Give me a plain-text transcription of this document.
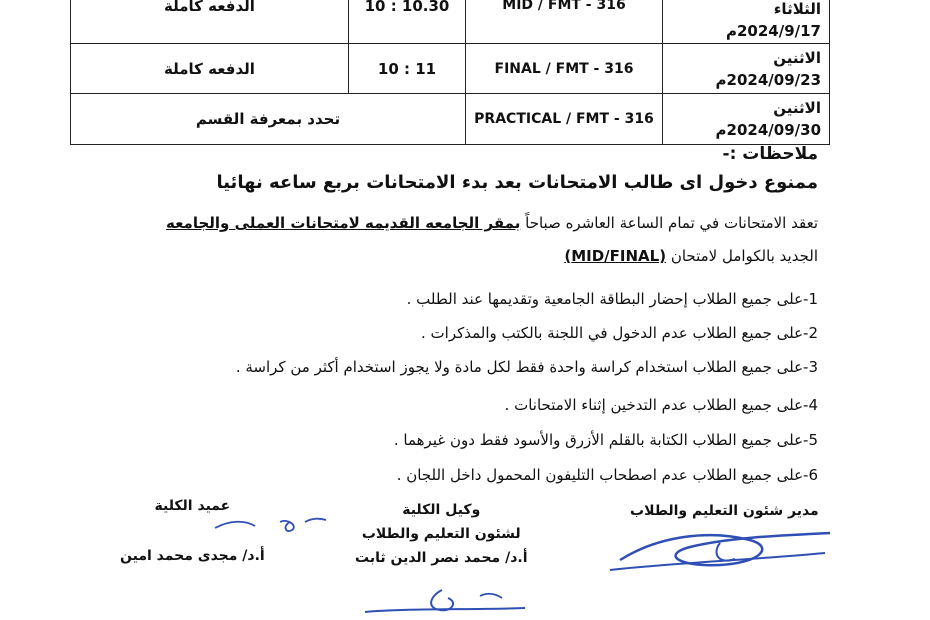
الثلاثاء
2024/9/17م	MID / FMT - 316	10 : 10.30	الدفعه كاملة
الاثنين
2024/09/23م	FINAL / FMT - 316	10 : 11	الدفعه كاملة
الاثنين
2024/09/30م	PRACTICAL / FMT - 316	تحدد بمعرفة القسم	
ملاحظات :-
ممنوع دخول اى طالب الامتحانات بعد بدء الامتحانات بربع ساعه نهائيا
تعقد الامتحانات في تمام الساعة العاشره صباحاً بمقر الجامعه القديمه لامتحانات العملى والجامعه
الجديد بالكوامل لامتحان (MID/FINAL)
1-على جميع الطلاب إحضار البطاقة الجامعية وتقديمها عند الطلب .
2-على جميع الطلاب عدم الدخول في اللجنة بالكتب والمذكرات .
3-على جميع الطلاب استخدام كراسة واحدة فقط لكل مادة ولا يجوز استخدام أكثر من كراسة .
4-على جميع الطلاب عدم التدخين إثناء الامتحانات .
5-على جميع الطلاب الكتابة بالقلم الأزرق والأسود فقط دون غيرهما .
6-على جميع الطلاب عدم اصطحاب التليفون المحمول داخل اللجان .
مدير شئون التعليم والطلاب
وكيل الكلية
لشئون التعليم والطلاب
أ.د/ محمد نصر الدين ثابت
عميد الكلية
أ.د/ مجدى محمد امين
